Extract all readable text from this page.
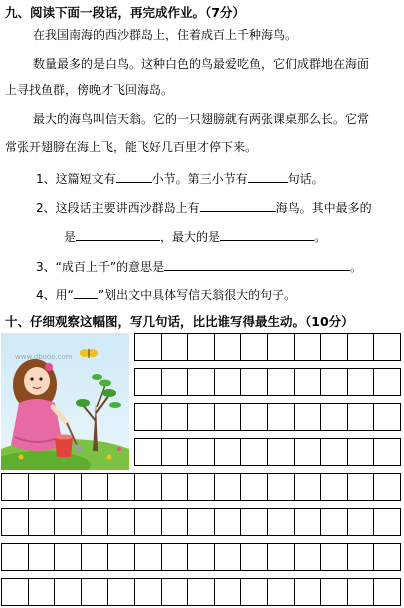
九、阅读下面一段话，再完成作业。（7分）
在我国南海的西沙群岛上，住着成百上千种海鸟。
数量最多的是白鸟。这种白色的鸟最爱吃鱼，它们成群地在海面
上寻找鱼群，傍晚才飞回海岛。
最大的海鸟叫信天翁。它的一只翅膀就有两张课桌那么长。它常
常张开翅膀在海上飞，能飞好几百里才停下来。
1、这篇短文有	小节。第三小节有	句话。
2、这段话主要讲西沙群岛上有	海鸟。其中最多的
是	，最大的是	。
3、“成百上千”的意思是	。
4、用“ ”划出文中具体写信天翁很大的句子。
十、仔细观察这幅图，写几句话，比比谁写得最生动。（10分）
www.dbooo.com
